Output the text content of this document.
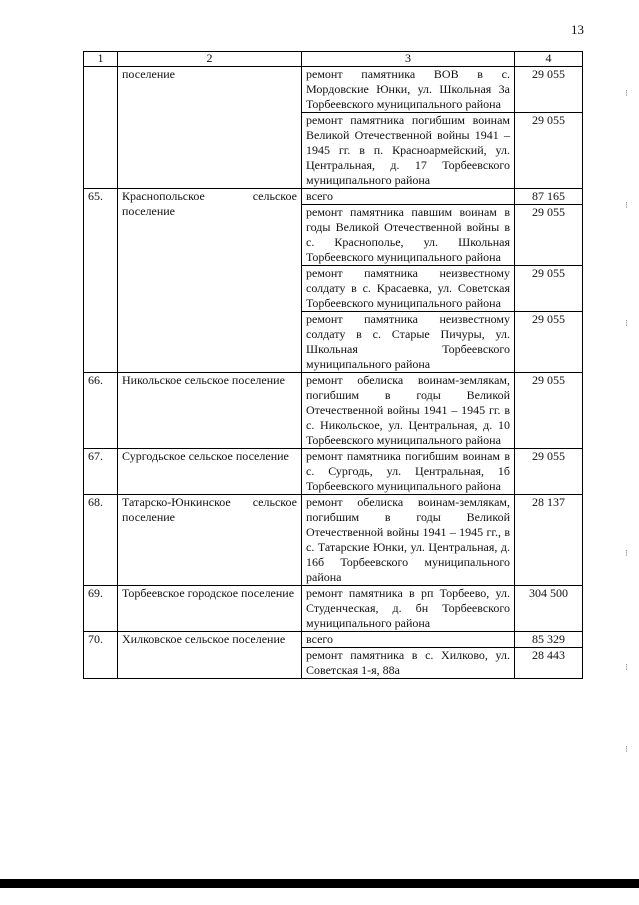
13
1	2	3	4
	поселение	ремонт памятника ВОВ в с. Мордовские Юнки, ул. Школьная 3а Торбеевского муниципального района	29 055
		ремонт памятника погибшим воинам Великой Отечественной войны 1941 – 1945 гг. в п. Красноармейский, ул. Центральная, д. 17 Торбеевского муниципального района	29 055
65.	Краснопольское сельское поселение	всего	87 165
		ремонт памятника павшим воинам в годы Великой Отечественной войны в с. Краснополье, ул. Школьная Торбеевского муниципального района	29 055
		ремонт памятника неизвестному солдату в с. Красаевка, ул. Советская Торбеевского муниципального района	29 055
		ремонт памятника неизвестному солдату в с. Старые Пичуры, ул. Школьная Торбеевского муниципального района	29 055
66.	Никольское сельское поселение	ремонт обелиска воинам-землякам, погибшим в годы Великой Отечественной войны 1941 – 1945 гг. в с. Никольское, ул. Центральная, д. 10 Торбеевского муниципального района	29 055
67.	Сургодьское сельское поселение	ремонт памятника погибшим воинам в с. Сургодь, ул. Центральная, 1б Торбеевского муниципального района	29 055
68.	Татарско-Юнкинское сельское поселение	ремонт обелиска воинам-землякам, погибшим в годы Великой Отечественной войны 1941 – 1945 гг., в с. Татарские Юнки, ул. Центральная, д. 16б Торбеевского муниципального района	28 137
69.	Торбеевское городское поселение	ремонт памятника в рп Торбеево, ул. Студенческая, д. бн Торбеевского муниципального района	304 500
70.	Хилковское сельское поселение	всего	85 329
		ремонт памятника в с. Хилково, ул. Советская 1-я, 88а	28 443
⁝
⁝
⁝
⁝
⁝
⁝
